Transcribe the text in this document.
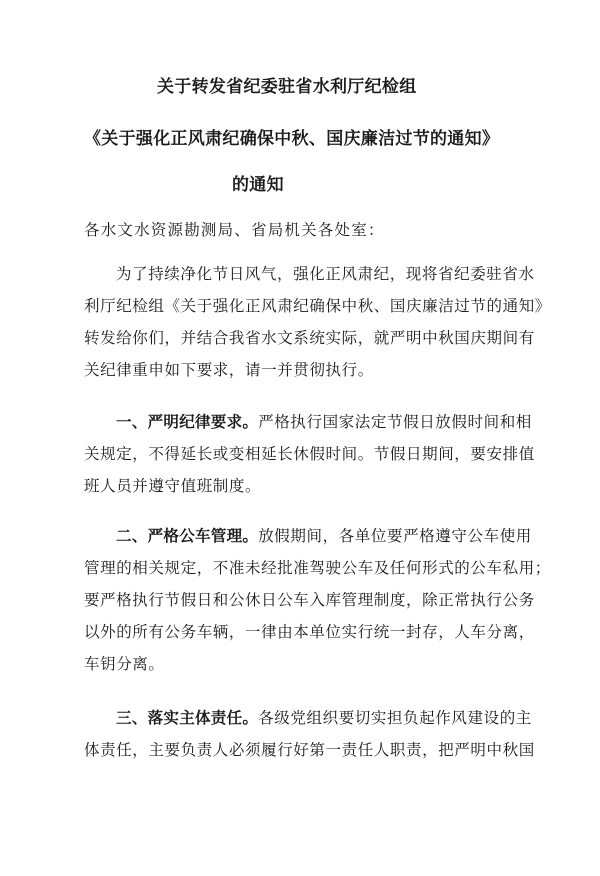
关于转发省纪委驻省水利厅纪检组
《关于强化正风肃纪确保中秋、国庆廉洁过节的通知》
的通知
各水文水资源勘测局、省局机关各处室：
为了持续净化节日风气，强化正风肃纪，现将省纪委驻省水
利厅纪检组《关于强化正风肃纪确保中秋、国庆廉洁过节的通知》
转发给你们，并结合我省水文系统实际，就严明中秋国庆期间有
关纪律重申如下要求，请一并贯彻执行。
一、严明纪律要求。严格执行国家法定节假日放假时间和相
关规定，不得延长或变相延长休假时间。节假日期间，要安排值
班人员并遵守值班制度。
二、严格公车管理。放假期间，各单位要严格遵守公车使用
管理的相关规定，不准未经批准驾驶公车及任何形式的公车私用；
要严格执行节假日和公休日公车入库管理制度，除正常执行公务
以外的所有公务车辆，一律由本单位实行统一封存，人车分离，
车钥分离。
三、落实主体责任。各级党组织要切实担负起作风建设的主
体责任，主要负责人必须履行好第一责任人职责，把严明中秋国
